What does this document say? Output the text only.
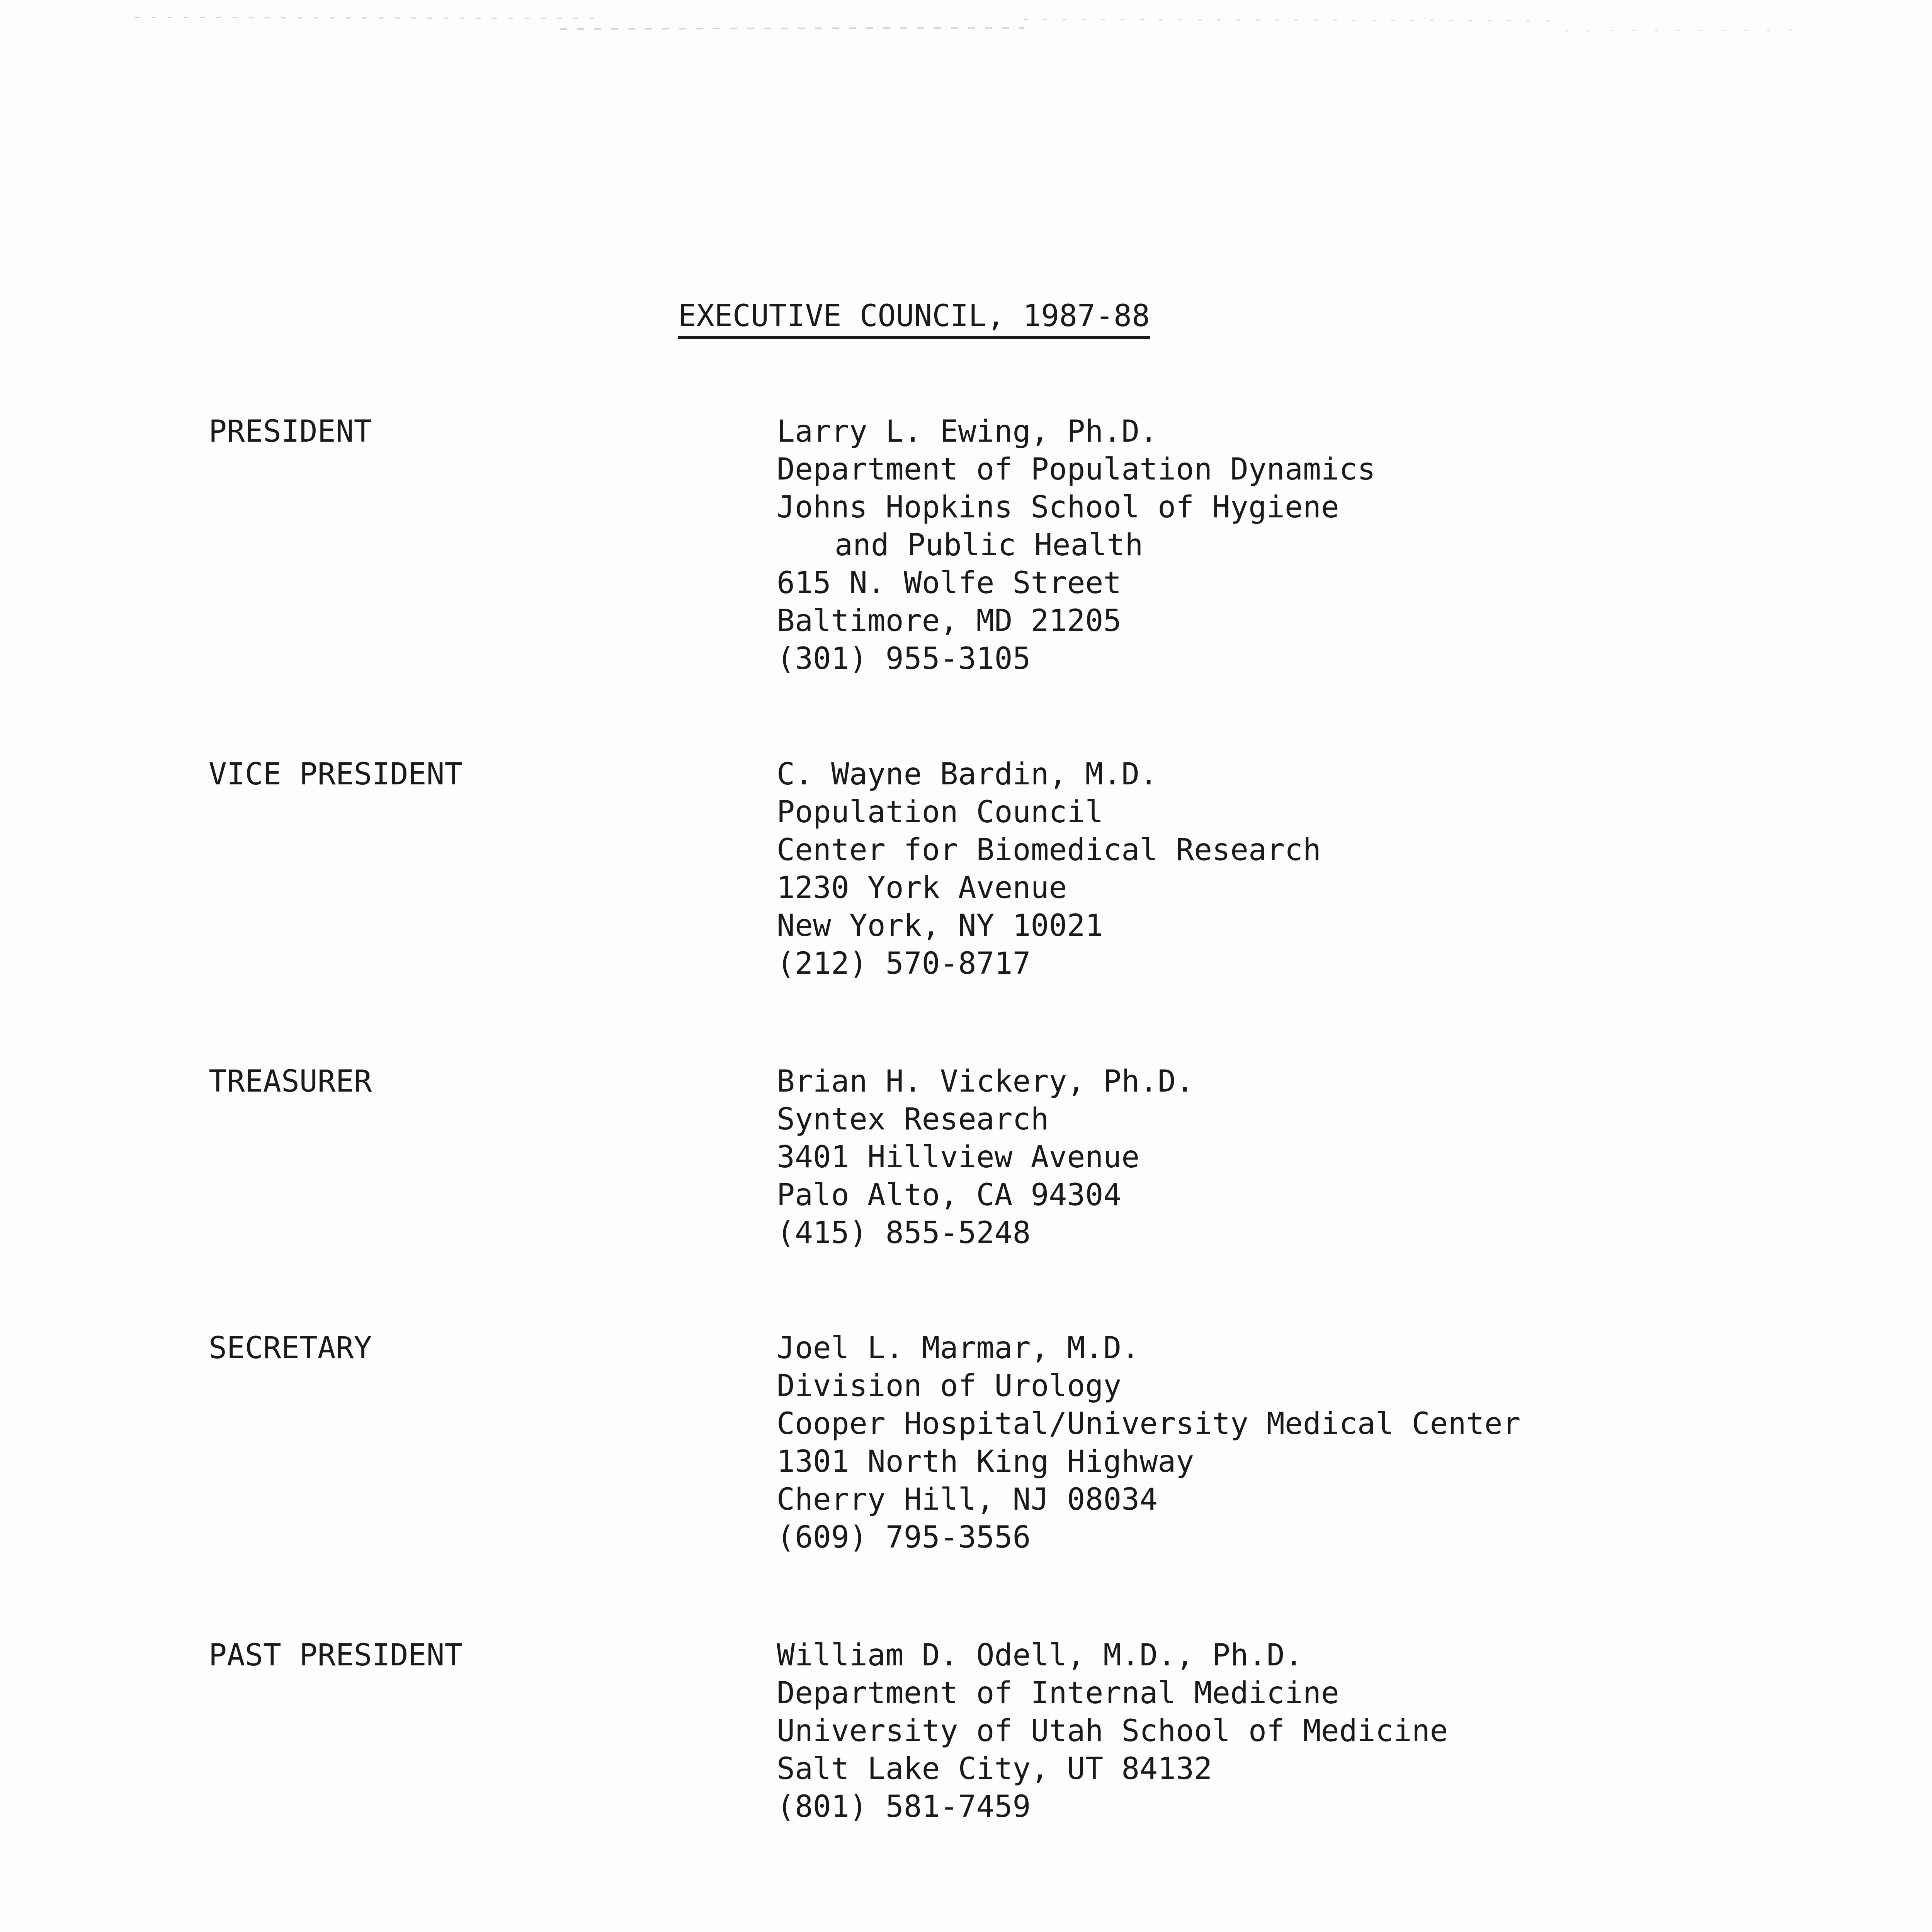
EXECUTIVE COUNCIL, 1987-88
PRESIDENT	Larry L. Ewing, Ph.D.
Department of Population Dynamics
Johns Hopkins School of Hygiene
and Public Health
615 N. Wolfe Street
Baltimore, MD 21205
(301) 955-3105
VICE PRESIDENT	C. Wayne Bardin, M.D.
Population Council
Center for Biomedical Research
1230 York Avenue
New York, NY 10021
(212) 570-8717
TREASURER	Brian H. Vickery, Ph.D.
Syntex Research
3401 Hillview Avenue
Palo Alto, CA 94304
(415) 855-5248
SECRETARY	Joel L. Marmar, M.D.
Division of Urology
Cooper Hospital/University Medical Center
1301 North King Highway
Cherry Hill, NJ 08034
(609) 795-3556
PAST PRESIDENT	William D. Odell, M.D., Ph.D.
Department of Internal Medicine
University of Utah School of Medicine
Salt Lake City, UT 84132
(801) 581-7459
